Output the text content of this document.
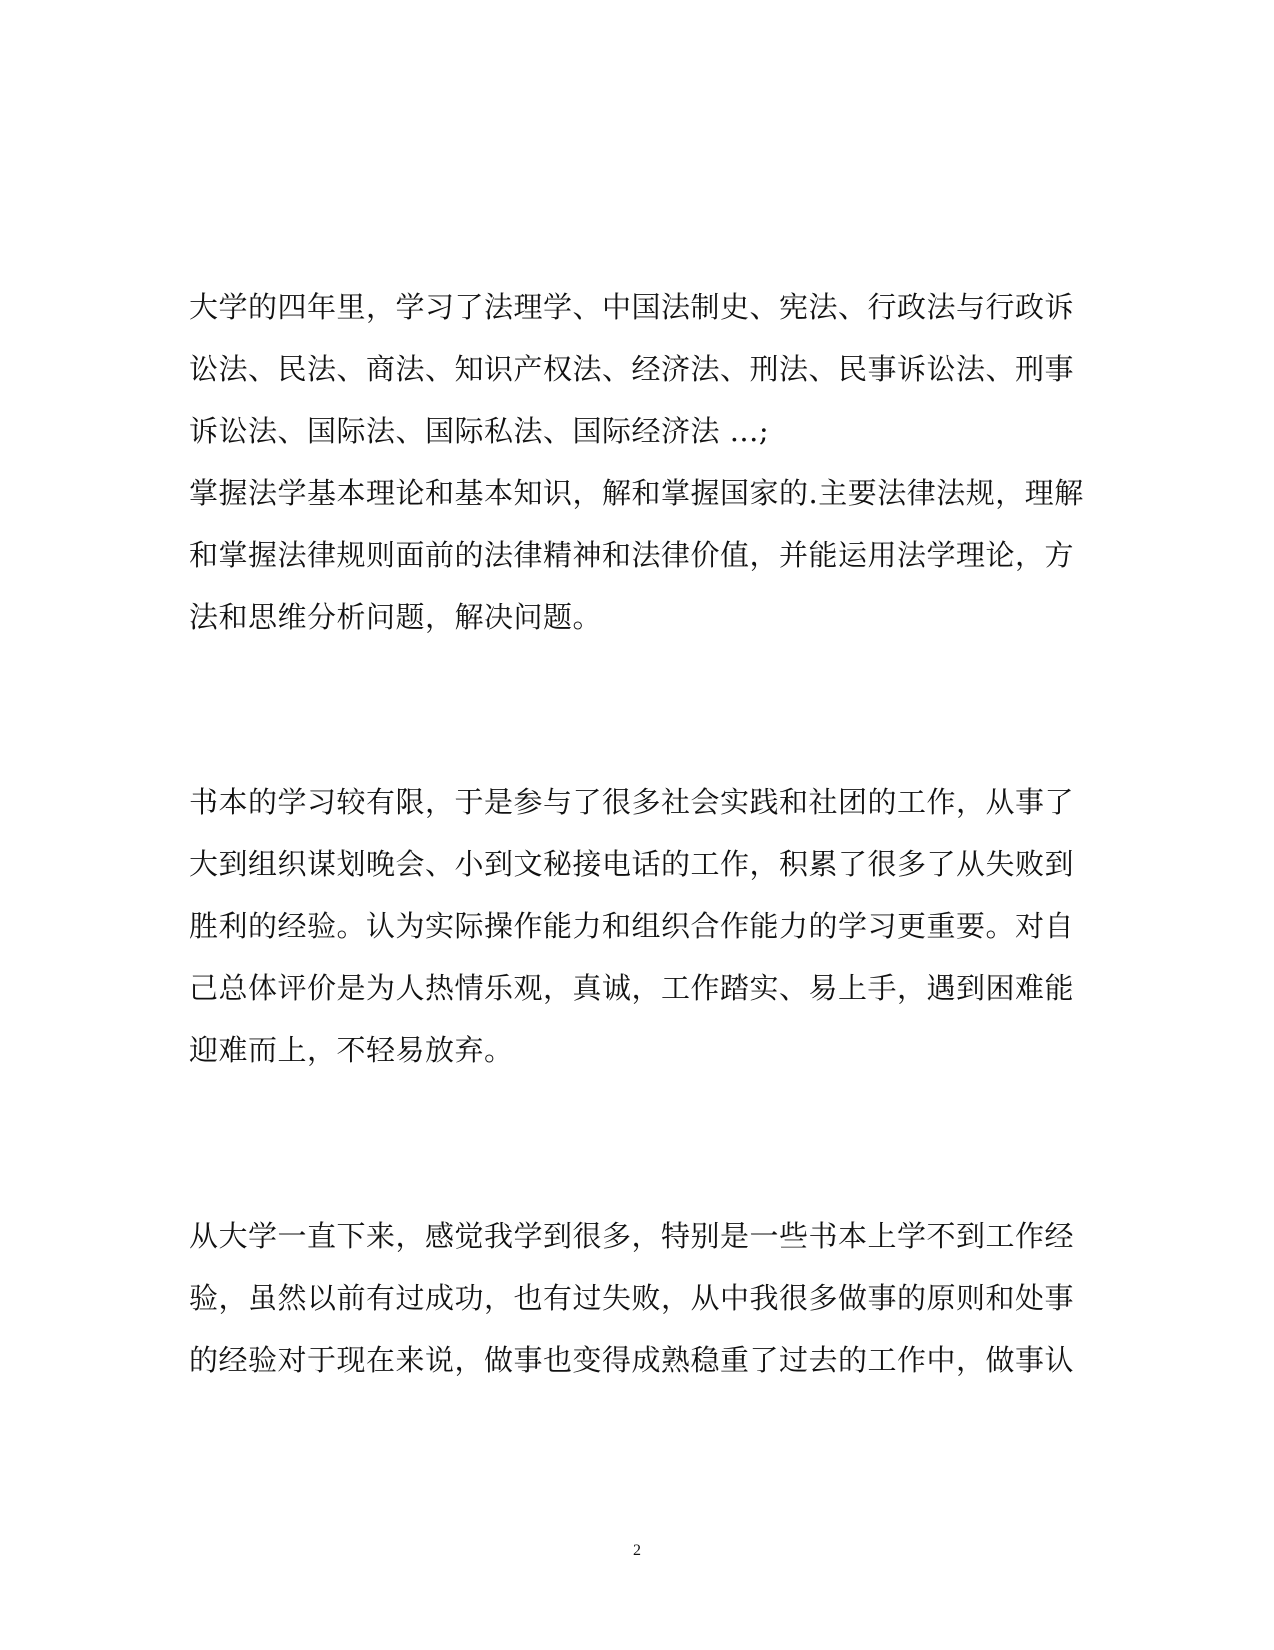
大学的四年里，学习了法理学、中国法制史、宪法、行政法与行政诉
讼法、民法、商法、知识产权法、经济法、刑法、民事诉讼法、刑事
诉讼法、国际法、国际私法、国际经济法 ...;
掌握法学基本理论和基本知识，解和掌握国家的.主要法律法规，理解
和掌握法律规则面前的法律精神和法律价值，并能运用法学理论，方
法和思维分析问题，解决问题。
书本的学习较有限，于是参与了很多社会实践和社团的工作，从事了
大到组织谋划晚会、小到文秘接电话的工作，积累了很多了从失败到
胜利的经验。认为实际操作能力和组织合作能力的学习更重要。对自
己总体评价是为人热情乐观，真诚，工作踏实、易上手，遇到困难能
迎难而上，不轻易放弃。
从大学一直下来，感觉我学到很多，特别是一些书本上学不到工作经
验，虽然以前有过成功，也有过失败，从中我很多做事的原则和处事
的经验对于现在来说，做事也变得成熟稳重了过去的工作中，做事认
2
